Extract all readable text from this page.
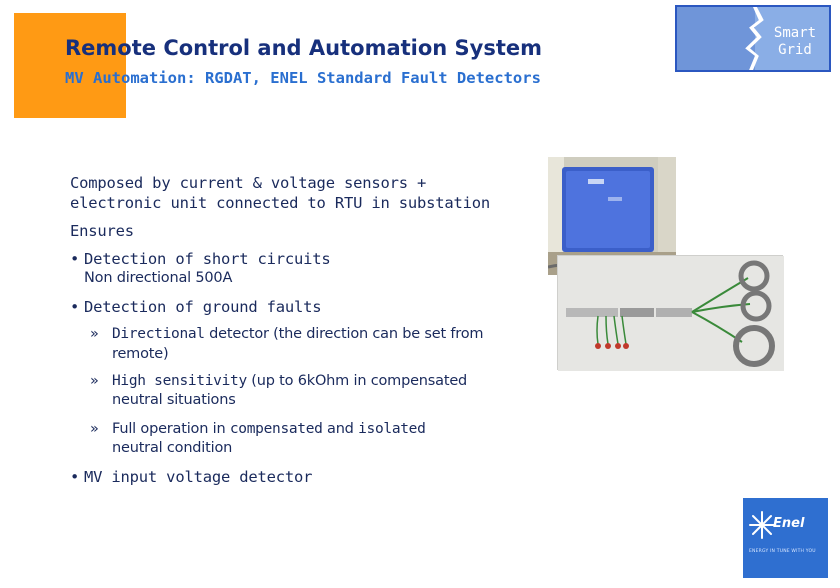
Remote Control and Automation System
MV Automation: RGDAT, ENEL Standard Fault Detectors
Smart
Grid
Composed by current & voltage sensors +
electronic unit connected to RTU in substation
Ensures
• Detection of short circuits
Non directional 500A
• Detection of ground faults
» Directional detector (the direction can be set from
remote)
» High sensitivity (up to 6kOhm in compensated
neutral situations
» Full operation in compensated and isolated
neutral condition
• MV input voltage detector
Enel
ENERGY IN TUNE WITH YOU
